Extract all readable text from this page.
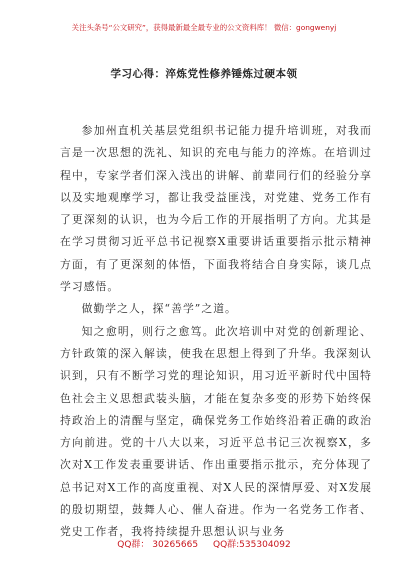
关注头条号“公文研究”，获得最新最全最专业的公文资料库！ 微信：gongwenyj
学习心得：淬炼党性修养锤炼过硬本领

参加州直机关基层党组织书记能力提升培训班，对我而言是一次思想的洗礼、知识的充电与能力的淬炼。在培训过程中，专家学者们深入浅出的讲解、前辈同行们的经验分享以及实地观摩学习，都让我受益匪浅，对党建、党务工作有了更深刻的认识，也为今后工作的开展指明了方向。尤其是在学习贯彻习近平总书记视察X重要讲话重要指示批示精神方面，有了更深刻的体悟，下面我将结合自身实际，谈几点学习感悟。

做勤学之人，探“善学”之道。

知之愈明，则行之愈笃。此次培训中对党的创新理论、方针政策的深入解读，使我在思想上得到了升华。我深刻认识到，只有不断学习党的理论知识，用习近平新时代中国特色社会主义思想武装头脑，才能在复杂多变的形势下始终保持政治上的清醒与坚定，确保党务工作始终沿着正确的政治方向前进。党的十八大以来，习近平总书记三次视察X，多次对X工作发表重要讲话、作出重要指示批示，充分体现了总书记对X工作的高度重视、对X人民的深情厚爱、对X发展的殷切期望，鼓舞人心、催人奋进。作为一名党务工作者、党史工作者，我将持续提升思想认识与业务

QQ群： 30265665 QQ群:535304092
